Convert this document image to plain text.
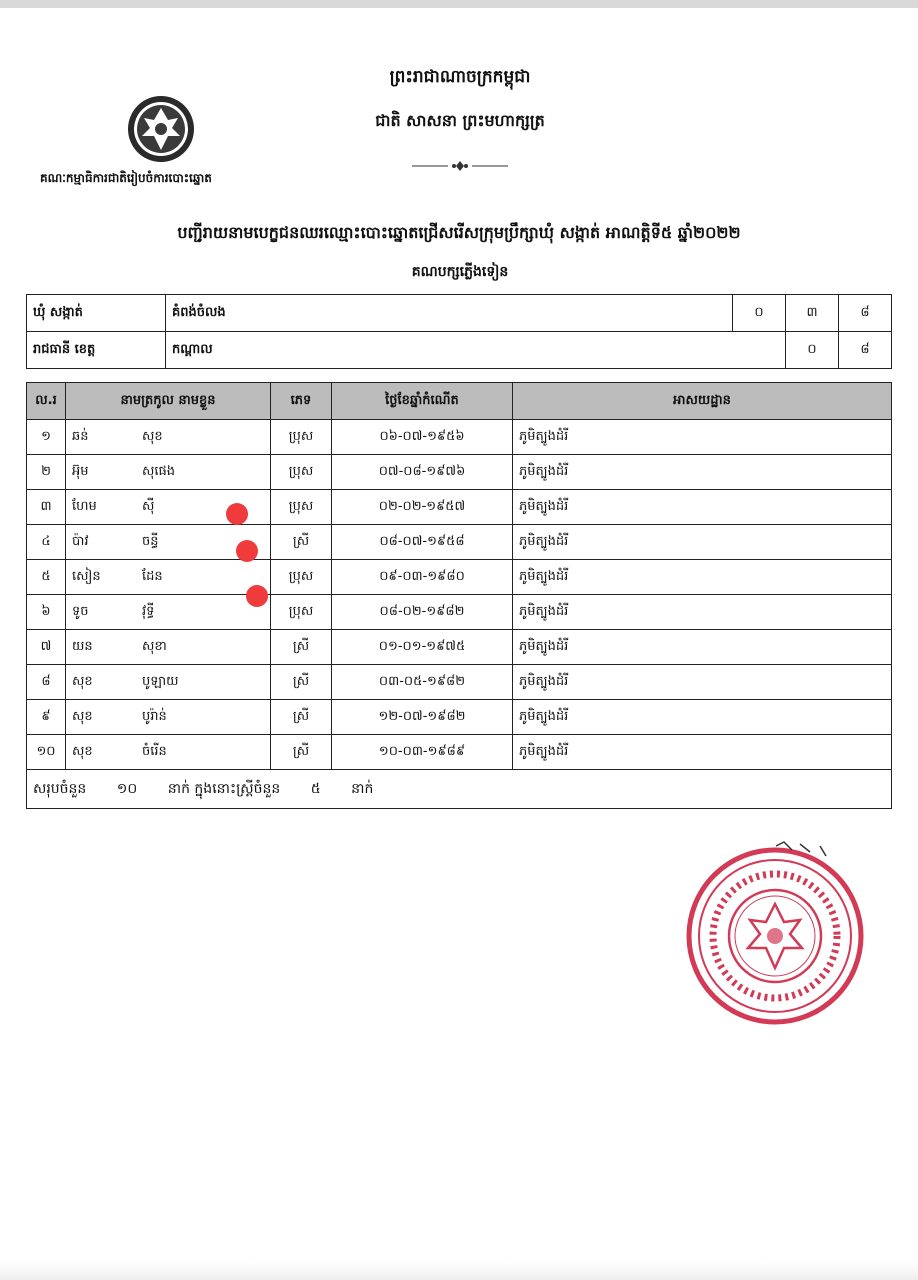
ព្រះរាជាណាចក្រកម្ពុជា
ជាតិ សាសនា ព្រះមហាក្សត្រ
គណៈកម្មាធិការជាតិរៀបចំការបោះឆ្នោត
បញ្ជីរាយនាមបេក្ខជនឈរឈ្មោះបោះឆ្នោតជ្រើសរើសក្រុមប្រឹក្សាឃុំ សង្កាត់ អាណត្តិទី៥ ឆ្នាំ២០២២
គណបក្សភ្លើងទៀន
ឃុំ សង្កាត់	គំពង់ចំលង	០	៣	៨
រាជធានី ខេត្ត	កណ្តាល		០	៨
ល.រ	នាមត្រកូល នាមខ្លួន	ភេទ	ថ្ងៃខែឆ្នាំកំណើត	អាសយដ្ឋាន
១	ឆន់ សុខ	ប្រុស	០៦-០៧-១៩៥៦	ភូមិត្បូងដំរី
២	អ៊ុម សុផេង	ប្រុស	០៧-០៨-១៩៧៦	ភូមិត្បូងដំរី
៣	ហែម ស៊ី	ប្រុស	០២-០២-១៩៥៧	ភូមិត្បូងដំរី
៤	ប៉ាវ ចន្ធី	ស្រី	០៨-០៧-១៩៥៨	ភូមិត្បូងដំរី
៥	សៀន ដែន	ប្រុស	០៩-០៣-១៩៨០	ភូមិត្បូងដំរី
៦	ទូច វុទ្ធី	ប្រុស	០៨-០២-១៩៨២	ភូមិត្បូងដំរី
៧	យន សុខា	ស្រី	០១-០១-១៩៧៥	ភូមិត្បូងដំរី
៨	សុខ បូឡាយ	ស្រី	០៣-០៥-១៩៨២	ភូមិត្បូងដំរី
៩	សុខ បូរ៉ាន់	ស្រី	១២-០៧-១៩៨២	ភូមិត្បូងដំរី
១០	សុខ ចំរើន	ស្រី	១០-០៣-១៩៨៩	ភូមិត្បូងដំរី
សរុបចំនួន ១០ នាក់ ក្នុងនោះស្ត្រីចំនួន ៥ នាក់				
